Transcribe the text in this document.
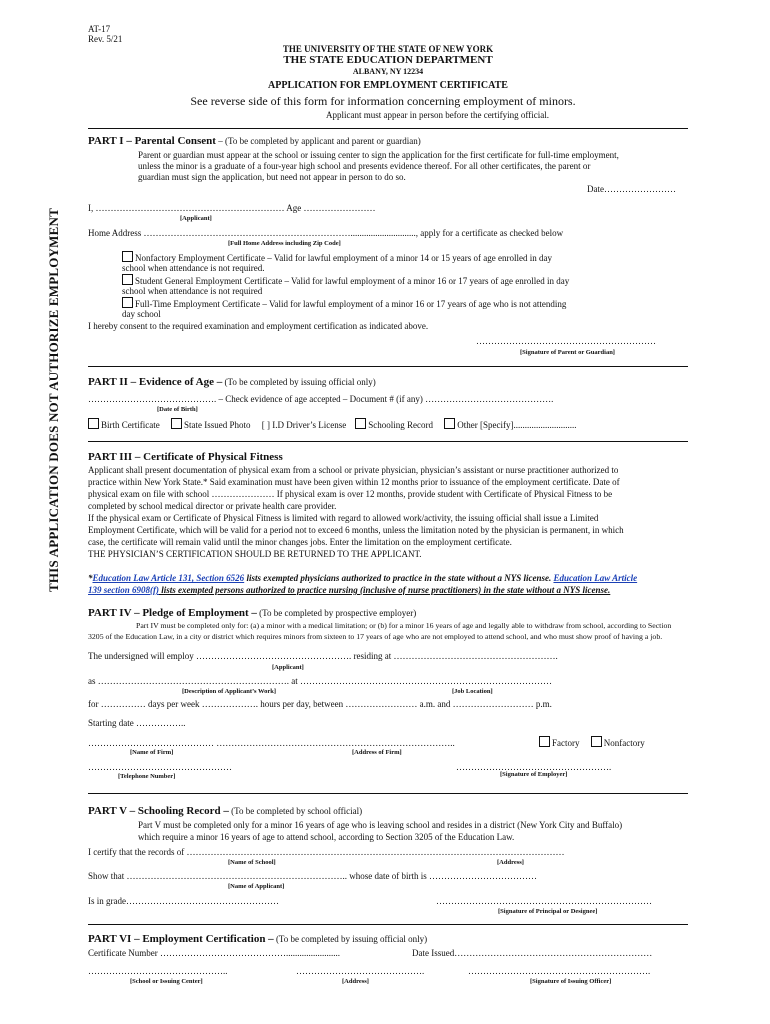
AT-17
Rev. 5/21
THE UNIVERSITY OF THE STATE OF NEW YORK
THE STATE EDUCATION DEPARTMENT
ALBANY, NY 12234
APPLICATION FOR EMPLOYMENT CERTIFICATE
See reverse side of this form for information concerning employment of minors.
Applicant must appear in person before the certifying official.
THIS APPLICATION DOES NOT AUTHORIZE EMPLOYMENT
PART I – Parental Consent – (To be completed by applicant and parent or guardian)
Parent or guardian must appear at the school or issuing center to sign the application for the first certificate for full-time employment,
unless the minor is a graduate of a four-year high school and presents evidence thereof. For all other certificates, the parent or
guardian must sign the application, but need not appear in person to do so.
Date……………………
I, ……………………………………………………… Age ……………………
[Applicant]
Home Address ……………………………………………………………............................., apply for a certificate as checked below
[Full Home Address including Zip Code]
Nonfactory Employment Certificate – Valid for lawful employment of a minor 14 or 15 years of age enrolled in day
school when attendance is not required.
Student General Employment Certificate – Valid for lawful employment of a minor 16 or 17 years of age enrolled in day
school when attendance is not required
Full-Time Employment Certificate – Valid for lawful employment of a minor 16 or 17 years of age who is not attending
day school
I hereby consent to the required examination and employment certification as indicated above.
……………………………………………………
[Signature of Parent or Guardian]
PART II – Evidence of Age – (To be completed by issuing official only)
……………………………………. – Check evidence of age accepted – Document # (if any) …………………………………….
[Date of Birth]
Birth Certificate	State Issued Photo [ ] I.D Driver’s License Schooling Record	Other [Specify]............................
PART III – Certificate of Physical Fitness
Applicant shall present documentation of physical exam from a school or private physician, physician’s assistant or nurse practitioner authorized to
practice within New York State.* Said examination must have been given within 12 months prior to issuance of the employment certificate. Date of
physical exam on file with school ………………… If physical exam is over 12 months, provide student with Certificate of Physical Fitness to be
completed by school medical director or private health care provider.
If the physical exam or Certificate of Physical Fitness is limited with regard to allowed work/activity, the issuing official shall issue a Limited
Employment Certificate, which will be valid for a period not to exceed 6 months, unless the limitation noted by the physician is permanent, in which
case, the certificate will remain valid until the minor changes jobs. Enter the limitation on the employment certificate.
THE PHYSICIAN’S CERTIFICATION SHOULD BE RETURNED TO THE APPLICANT.
*Education Law Article 131, Section 6526 lists exempted physicians authorized to practice in the state without a NYS license. Education Law Article
139 section 6908(f) lists exempted persons authorized to practice nursing (inclusive of nurse practitioners) in the state without a NYS license.
PART IV – Pledge of Employment – (To be completed by prospective employer)
Part IV must be completed only for: (a) a minor with a medical limitation; or (b) for a minor 16 years of age and legally able to withdraw from school, according to Section
3205 of the Education Law, in a city or district which requires minors from sixteen to 17 years of age who are not employed to attend school, and who must show proof of having a job.
The undersigned will employ ……………………………………………. residing at ……………………………………………….
[Applicant]
as ………………………………………………………. at …………………………………………………………………………
[Description of Applicant’s Work]	[Job Location]
for …………… days per week ………………. hours per day, between …………………… a.m. and ……………………… p.m.
Starting date ……………..
…………………………………… ……………………………………………………………………..	Factory	Nonfactory
[Name of Firm]	[Address of Firm]
…………………………………………	…………………………………………….
[Telephone Number]	[Signature of Employer]
PART V – Schooling Record – (To be completed by school official)
Part V must be completed only for a minor 16 years of age who is leaving school and resides in a district (New York City and Buffalo)
which require a minor 16 years of age to attend school, according to Section 3205 of the Education Law.
I certify that the records of ………………………………………………………………………………………………………………
[Name of School]	[Address]
Show that ……………………………………………………………….. whose date of birth is ………………………………
[Name of Applicant]
Is in grade……………………………………………	………………………………………………………………
[Signature of Principal or Designee]
PART VI – Employment Certification – (To be completed by issuing official only)
Certificate Number ……………………………………........................	Date Issued…………………………………………………………
………………………………………..	…………………………………….	…………………………………………………….
[School or Issuing Center]	[Address]	[Signature of Issuing Officer]
